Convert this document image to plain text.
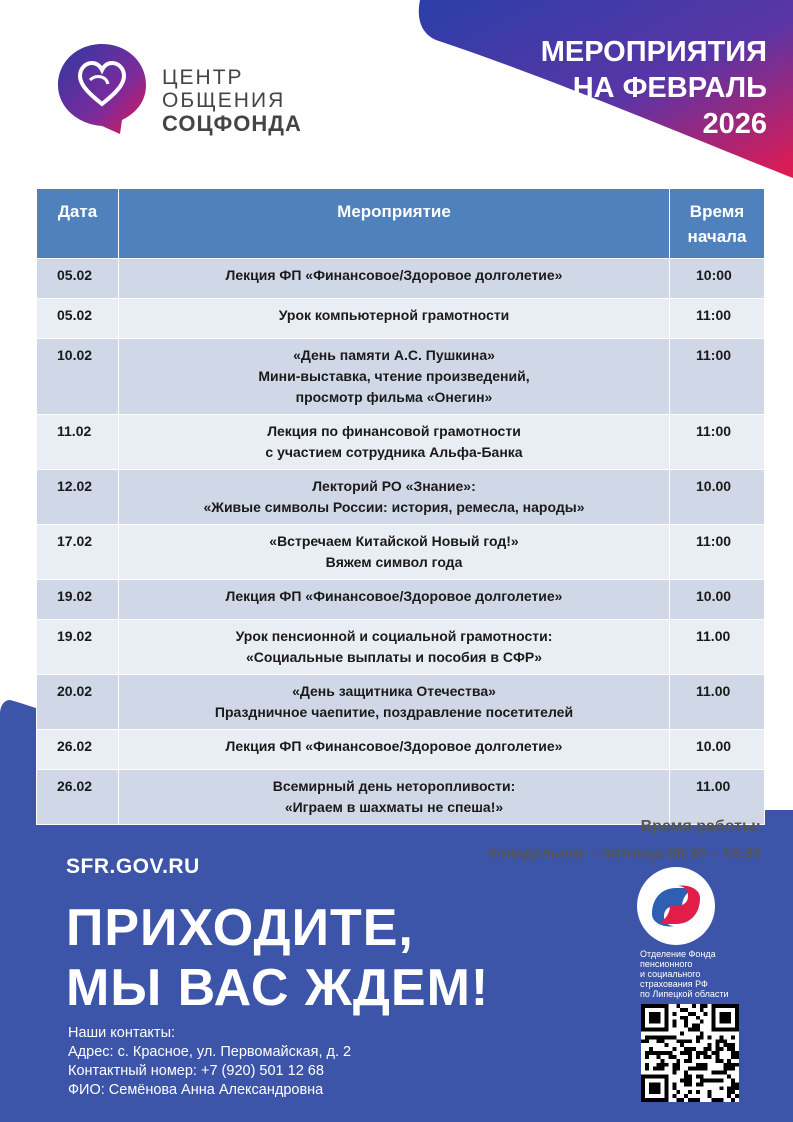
ЦЕНТР
ОБЩЕНИЯ
СОЦФОНДА
МЕРОПРИЯТИЯ
НА ФЕВРАЛЬ
2026
Дата	Мероприятие	Время
начала

05.02	Лекция ФП «Финансовое/Здоровое долголетие»	10:00
05.02	Урок компьютерной грамотности	11:00
10.02	«День памяти А.С. Пушкина»
Мини-выставка, чтение произведений,
просмотр фильма «Онегин»	11:00
11.02	Лекция по финансовой грамотности
с участием сотрудника Альфа-Банка	11:00
12.02	Лекторий РО «Знание»:
«Живые символы России: история, ремесла, народы»	10.00
17.02	«Встречаем Китайской Новый год!»
Вяжем символ года	11:00
19.02	Лекция ФП «Финансовое/Здоровое долголетие»	10.00
19.02	Урок пенсионной и социальной грамотности:
«Социальные выплаты и пособия в СФР»	11.00
20.02	«День защитника Отечества»
Праздничное чаепитие, поздравление посетителей	11.00
26.02	Лекция ФП «Финансовое/Здоровое долголетие»	10.00
26.02	Всемирный день неторопливости:
«Играем в шахматы не спеша!»	11.00
Время работы:
понедельник – пятница 08:30 – 16:30
SFR.GOV.RU
ПРИХОДИТЕ,
МЫ ВАС ЖДЕМ!
Наши контакты:
Адрес: с. Красное, ул. Первомайская, д. 2
Контактный номер: +7 (920) 501 12 68
ФИО: Семёнова Анна Александровна
Отделение Фонда
пенсионного
и социального
страхования РФ
по Липецкой области
